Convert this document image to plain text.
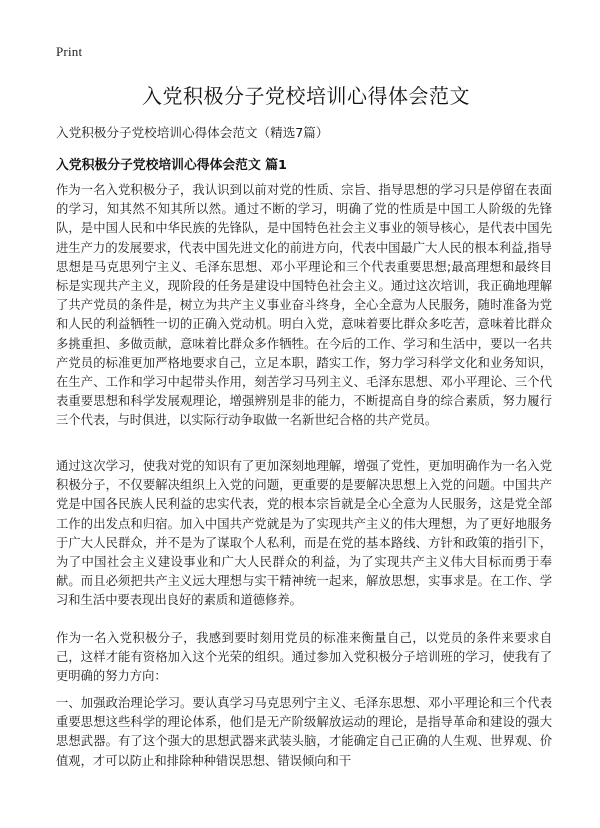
Print
入党积极分子党校培训心得体会范文

入党积极分子党校培训心得体会范文（精选7篇）

入党积极分子党校培训心得体会范文 篇1

作为一名入党积极分子，我认识到以前对党的性质、宗旨、指导思想的学习只是停留在表面的学习，知其然不知其所以然。通过不断的学习，明确了党的性质是中国工人阶级的先锋队，是中国人民和中华民族的先锋队，是中国特色社会主义事业的领导核心，是代表中国先进生产力的发展要求，代表中国先进文化的前进方向，代表中国最广大人民的根本利益,指导思想是马克思列宁主义、毛泽东思想、邓小平理论和三个代表重要思想;最高理想和最终目标是实现共产主义，现阶段的任务是建设中国特色社会主义。通过这次培训，我正确地理解了共产党员的条件是，树立为共产主义事业奋斗终身，全心全意为人民服务，随时准备为党和人民的利益牺牲一切的正确入党动机。明白入党，意味着要比群众多吃苦，意味着比群众多挑重担、多做贡献，意味着比群众多作牺牲。在今后的工作、学习和生活中，要以一名共产党员的标准更加严格地要求自己，立足本职，踏实工作，努力学习科学文化和业务知识，在生产、工作和学习中起带头作用，刻苦学习马列主义、毛泽东思想、邓小平理论、三个代表重要思想和科学发展观理论，增强辨别是非的能力，不断提高自身的综合素质，努力履行三个代表，与时俱进，以实际行动争取做一名新世纪合格的共产党员。

通过这次学习，使我对党的知识有了更加深刻地理解，增强了党性，更加明确作为一名入党积极分子，不仅要解决组织上入党的问题，更重要的是要解决思想上入党的问题。中国共产党是中国各民族人民利益的忠实代表，党的根本宗旨就是全心全意为人民服务，这是党全部工作的出发点和归宿。加入中国共产党就是为了实现共产主义的伟大理想，为了更好地服务于广大人民群众，并不是为了谋取个人私利，而是在党的基本路线、方针和政策的指引下，为了中国社会主义建设事业和广大人民群众的利益，为了实现共产主义伟大目标而勇于奉献。而且必须把共产主义远大理想与实干精神统一起来，解放思想，实事求是。在工作、学习和生活中要表现出良好的素质和道德修养。

作为一名入党积极分子，我感到要时刻用党员的标准来衡量自己，以党员的条件来要求自己，这样才能有资格加入这个光荣的组织。通过参加入党积极分子培训班的学习，使我有了更明确的努力方向：

一、加强政治理论学习。要认真学习马克思列宁主义、毛泽东思想、邓小平理论和三个代表重要思想这些科学的理论体系，他们是无产阶级解放运动的理论，是指导革命和建设的强大思想武器。有了这个强大的思想武器来武装头脑，才能确定自己正确的人生观、世界观、价值观，才可以防止和排除种种错误思想、错误倾向和干
